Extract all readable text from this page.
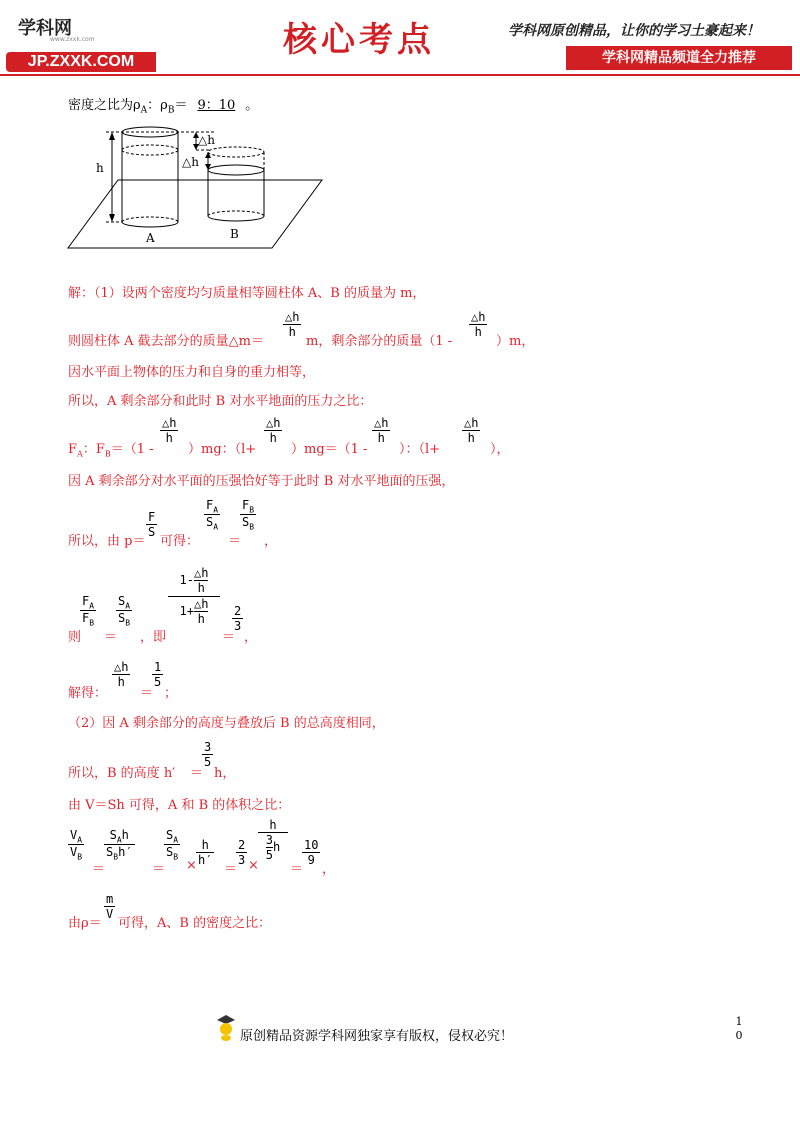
学科网
www.zxxk.com
JP.ZXXK.COM
核心考点	学科网原创精品，让你的学习土豪起来！
学科网精品频道全力推荐
密度之比为$\rho_A$：$\rho_B= 9$：10 。
h
△h
△h
A	B
解：（1）设两个密度均匀质量相等圆柱体 A、B 的质量为 m，
则圆柱体 A 截去部分的质量△m＝
$\frac{\triangle h}{h}$
m，剩余部分的质量（1 -
$\frac{\triangle h}{h}$
）m，
因水平面上物体的压力和自身的重力相等，
所以，A 剩余部分和此时 B 对水平地面的压力之比：
$F_A$：$F_B=(1$ -
$\frac{\triangle h}{h}$
）mg：（l+
$\frac{\triangle h}{h}$
）mg＝（1 -
$\frac{\triangle h}{h}$
）：（l+
$\frac{\triangle h}{h}$
），
因 A 剩余部分对水平面的压强恰好等于此时 B 对水平地面的压强，
所以，由 p＝
$\frac{F}{S}$
可得：
$\frac{F_A}{S_A}$
＝
$\frac{F_B}{S_B}$
，
则
$\frac{F_A}{F_B}$
＝
$\frac{S_A}{S_B}$
，即
$\frac{1- \frac{\triangle h}{h}}{1+ \frac{\triangle h}{h}}$
＝
$\frac{2}{3}$
，
解得：
$\frac{\triangle h}{h}$
＝
$\frac{1}{5}$
；
（2）因 A 剩余部分的高度与叠放后 B 的总高度相同，
所以，B 的高度 h′ ＝
$\frac{3}{5}$
h，
由 V＝Sh 可得，A 和 B 的体积之比：
$\frac{V_A}{V_B}$
＝
$S_Ah$
$S_Bh'$
＝
$\frac{S_A}{S_B}$
× $\frac{h}{h'}$
＝
$\frac{2}{3}$ ×
$\frac{h}{\frac{3}{5} h}$
＝
$\frac{10}{9}$
，
由ρ＝
$\frac{m}{V}$
可得，A、B 的密度之比：
原创精品资源学科网独家享有版权，侵权必究！
1
0
